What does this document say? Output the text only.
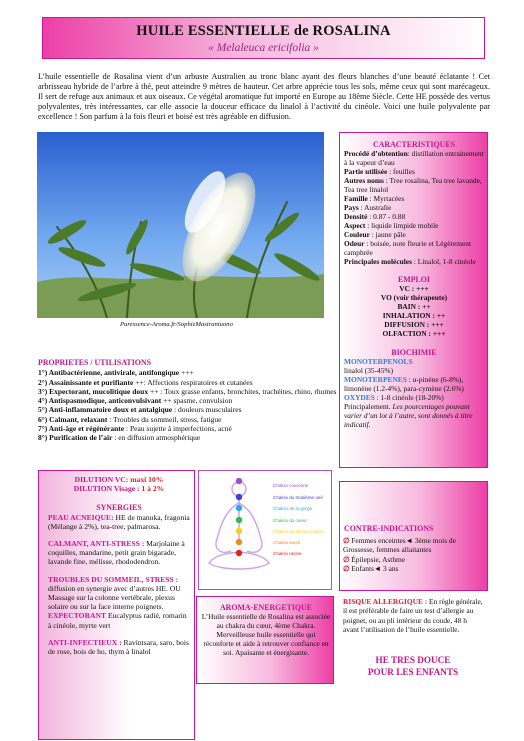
HUILE ESSENTIELLE de ROSALINA
« Melaleuca ericifolia »

L’huile essentielle de Rosalina vient d’un arbuste Australien au tronc blanc ayant des fleurs blanches d’une beauté éclatante ! Cet arbrisseau hybride de l’arbre à thé, peut atteindre 9 mètres de hauteur. Cet arbre apprécie tous les sols, même ceux qui sont marécageux. Il sert de refuge aux animaux et aux oiseaux. Ce végétal aromatique fut importé en Europe au 18ème Siècle. Cette HE possède des vertus polyvalentes, très intéressantes, car elle associe la douceur efficace du linalol à l’activité du cinéole. Voici une huile polyvalente par excellence ! Son parfum à la fois fleuri et boisé est très agréable en diffusion.

Puressence-Aroma.fr/SophieMastrantuono
PROPRIETES / UTILISATIONS
1°) Antibactérienne, antivirale, antifongique +++
2°) Assainissante et purifiante ++: Affections respiratoires et cutanées
3°) Expectorant, mucolitique doux ++ : Toux grasse enfants, bronchites, trachéites, rhino, rhumes
4°) Antispasmodique, anticonvulsivant ++ spasme, convulsion
5°) Anti-inflammatoire doux et antalgique : douleurs musculaires
6°) Calmant, relaxant : Troubles du sommeil, stress, fatigue
7°) Anti-âge et régénérante : Peau sujette à imperfections, acné
8°) Purification de l’air : en diffusion atmosphérique
CARACTERISTIQUES
Procédé d’obtention: distillation entrainement à la vapeur d’eau
Partie utilisée : feuilles
Autres noms : Tree rosalina, Tea tree lavande, Tea tree linalol
Famille : Myrtacées
Pays : Australie
Densité : 0.87 - 0.88
Aspect : liquide limpide mobile
Couleur : jaune pâle
Odeur : boisée, note fleurie et Légèrement camphrée
Principales molécules : Linalol, 1-8 cinéole
EMPLOI
VC : +++
VO (voir thérapeute)
BAIN : ++
INHALATION : ++
DIFFUSION : +++
OLFACTION : +++
BIOCHIMIE
MONOTERPENOLS
linalol (35-45%)
MONOTERPENES : α-pinène (6-8%), limonène (1.2-4%), para-cymène (2.6%)
OXYDES : 1-8 cinéole (18-20%)
Principalement. Les pourcentages pouvant varier d’un lot à l’autre, sont donnés à titre indicatif.
CONTRE-INDICATIONS
∅ Femmes enceintes◄ 3ème mois de Grossesse, femmes allaitantes
∅ Épilepsie, Asthme
∅ Enfants◄ 3 ans
RISQUE ALLERGIQUE : En règle générale, il est préférable de faire un test d’allergie au poignet, ou au pli intérieur du coude, 48 h avant l’utilisation de l’huile essentielle.
HE TRES DOUCE
POUR LES ENFANTS
DILUTION VC: maxi 10%
DILUTION Visage : 1 à 2%
SYNERGIES
PEAU ACNEIQUE: HE de manuka, fragonia (Mélange à 2%), tea-tree, palmarosa.
CALMANT, ANTI-STRESS : Marjolaine à coquilles, mandarine, petit grain bigarade, lavande fine, mélisse, rhododendron.
TROUBLES DU SOMMEIL, STRESS : diffusion en synergie avec d’autres HE. OU Massage sur la colonne vertébrale, plexus solaire ou sur la face interne poignets.
EXPECTORANT Eucalyptus radié, romarin à cinéole, myrte vert
ANTI-INFECTIEUX : Ravintsara, saro, bois de rose, bois de ho, thym à linalol
Chakra couronne
Chakra du troisième oeil
Chakra de la gorge
Chakra du coeur
Chakra du plexus solaire
Chakra sacré
Chakra racine
AROMA-ENERGETIQUE
L’Huile essentielle de Rosalina est associée au chakra du cœur, 4ème Chakra. Merveilleuse huile essentielle qui réconforte et aide à retrouver confiance en soi. Apaisante et énergisante.
